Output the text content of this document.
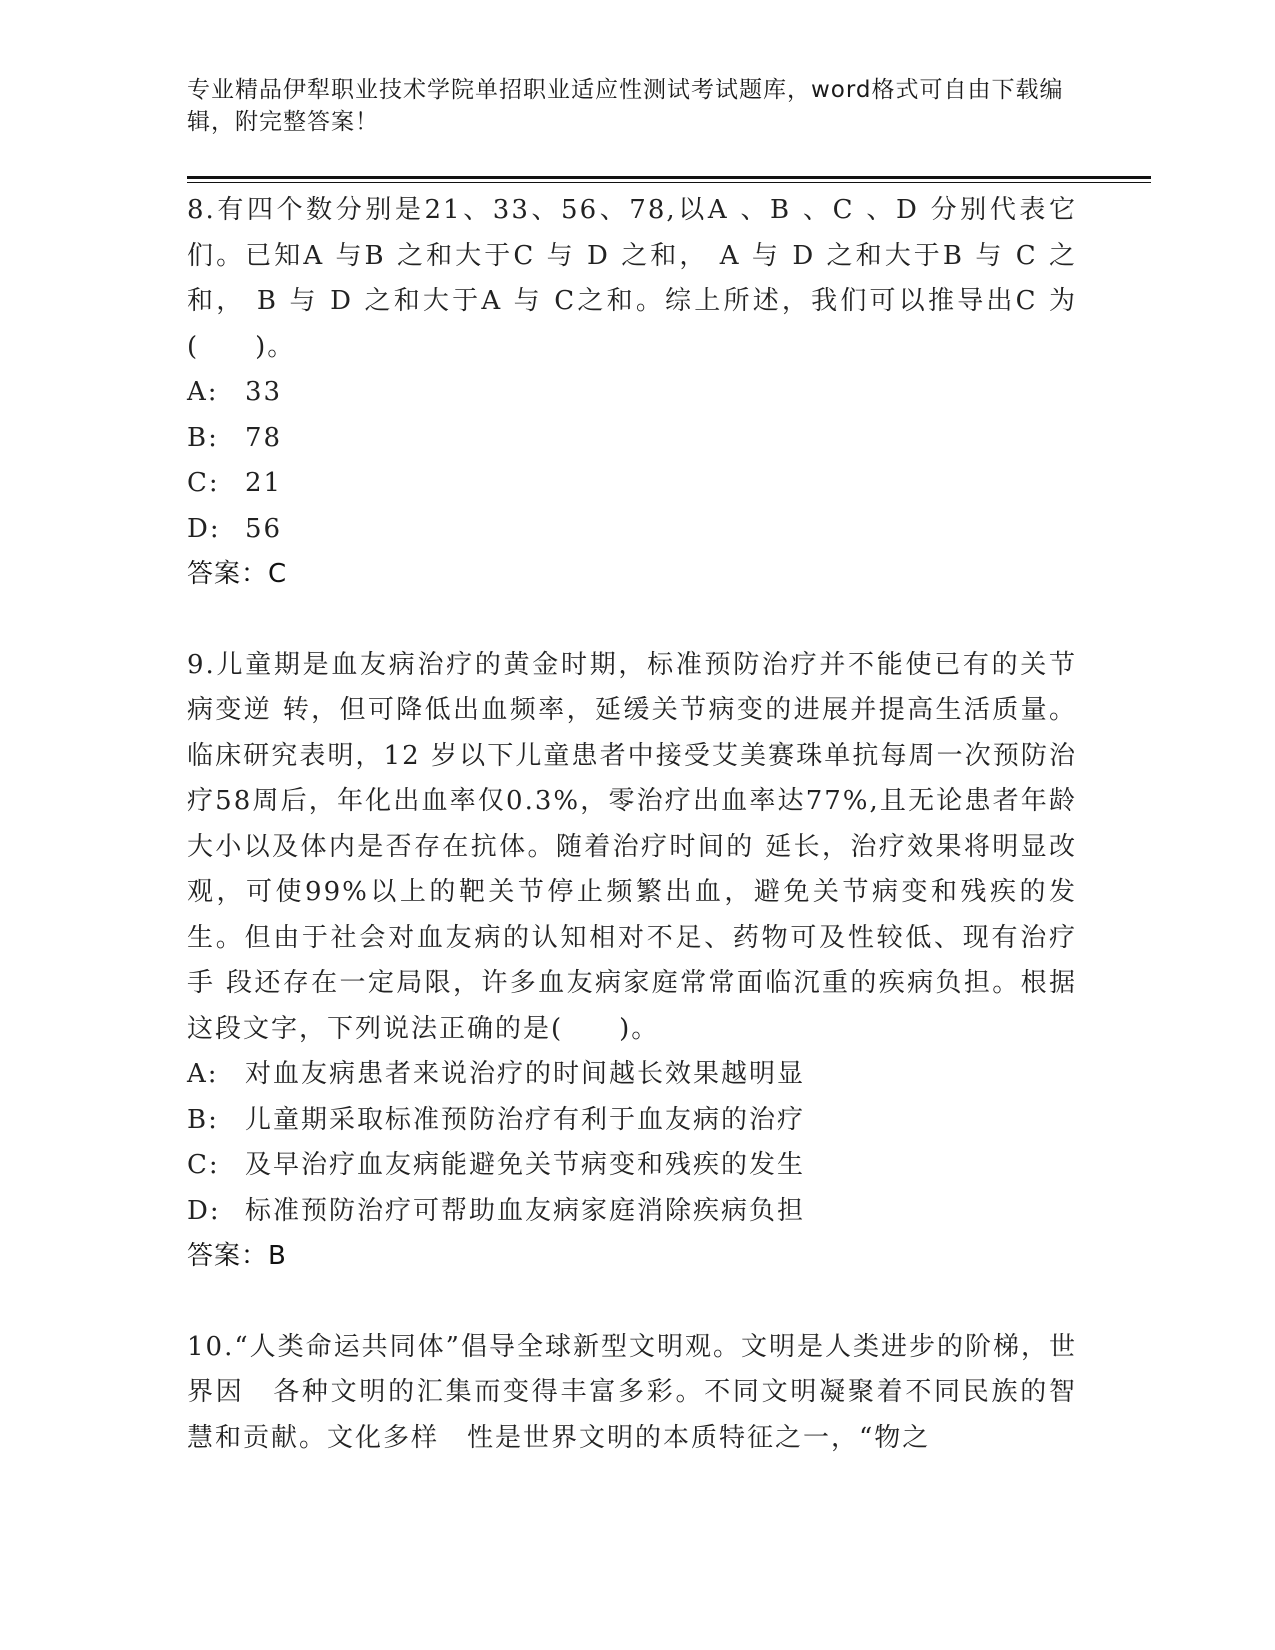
专业精品伊犁职业技术学院单招职业适应性测试考试题库，word格式可自由下载编辑，附完整答案！
8.有四个数分别是21、33、56、78,以A 、B 、C 、D 分别代表它们。已知A 与B 之和大于C 与 D 之和， A 与 D 之和大于B 与 C 之和， B 与 D 之和大于A 与 C之和。综上所述，我们可以推导出C 为(　　)。
A:	33
B:	78
C: 21
D: 56
答案：C
9.儿童期是血友病治疗的黄金时期，标准预防治疗并不能使已有的关节病变逆 转，但可降低出血频率，延缓关节病变的进展并提高生活质量。临床研究表明，12 岁以下儿童患者中接受艾美赛珠单抗每周一次预防治疗58周后，年化出血率仅0.3%，零治疗出血率达77%,且无论患者年龄大小以及体内是否存在抗体。随着治疗时间的 延长，治疗效果将明显改观，可使99%以上的靶关节停止频繁出血，避免关节病变和残疾的发生。但由于社会对血友病的认知相对不足、药物可及性较低、现有治疗手 段还存在一定局限，许多血友病家庭常常面临沉重的疾病负担。根据这段文字，下列说法正确的是(　　)。
A:	对血友病患者来说治疗的时间越长效果越明显
B:	儿童期采取标准预防治疗有利于血友病的治疗
C: 及早治疗血友病能避免关节病变和残疾的发生
D: 标准预防治疗可帮助血友病家庭消除疾病负担
答案：B
10.“人类命运共同体”倡导全球新型文明观。文明是人类进步的阶梯，世界因　各种文明的汇集而变得丰富多彩。不同文明凝聚着不同民族的智慧和贡献。文化多样　性是世界文明的本质特征之一，“物之
